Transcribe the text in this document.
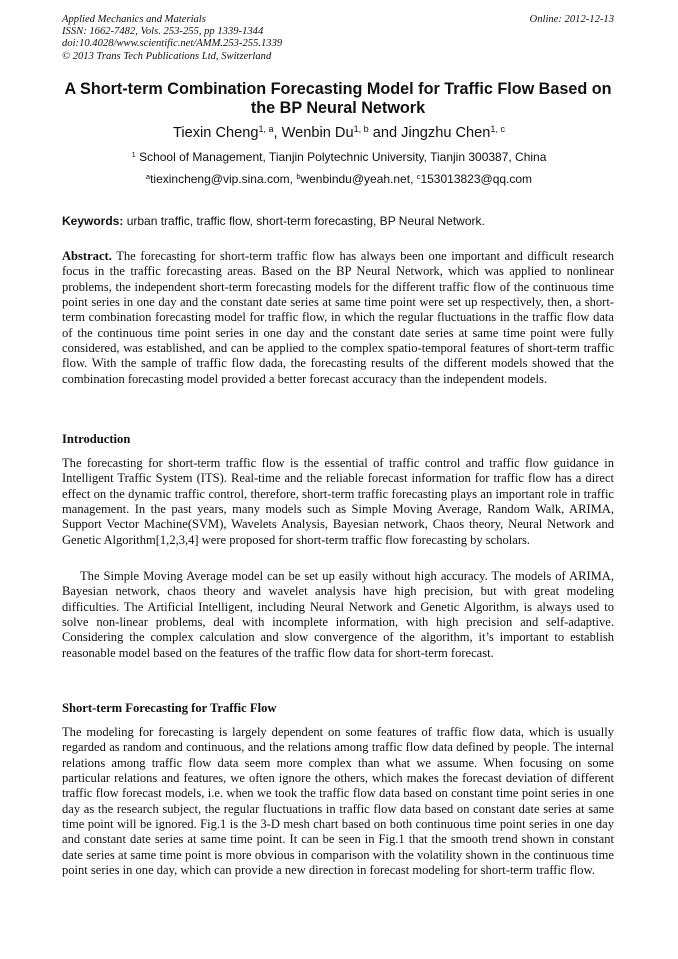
Applied Mechanics and Materials
ISSN: 1662-7482, Vols. 253-255, pp 1339-1344
doi:10.4028/www.scientific.net/AMM.253-255.1339
© 2013 Trans Tech Publications Ltd, Switzerland
Online: 2012-12-13
A Short-term Combination Forecasting Model for Traffic Flow Based on the BP Neural Network
Tiexin Cheng$^{1, a}$, Wenbin Du$^{1, b}$ and Jingzhu Chen$^{1, c}$
$^1$ School of Management, Tianjin Polytechnic University, Tianjin 300387, China
$^a$tiexincheng@vip.sina.com, $^b$wenbindu@yeah.net, $^c$153013823@qq.com
Keywords: urban traffic, traffic flow, short-term forecasting, BP Neural Network.
Abstract. The forecasting for short-term traffic flow has always been one important and difficult research focus in the traffic forecasting areas. Based on the BP Neural Network, which was applied to nonlinear problems, the independent short-term forecasting models for the different traffic flow of the continuous time point series in one day and the constant date series at same time point were set up respectively, then, a short-term combination forecasting model for traffic flow, in which the regular fluctuations in the traffic flow data of the continuous time point series in one day and the constant date series at same time point were fully considered, was established, and can be applied to the complex spatio-temporal features of short-term traffic flow. With the sample of traffic flow dada, the forecasting results of the different models showed that the combination forecasting model provided a better forecast accuracy than the independent models.
Introduction
The forecasting for short-term traffic flow is the essential of traffic control and traffic flow guidance in Intelligent Traffic System (ITS). Real-time and the reliable forecast information for traffic flow has a direct effect on the dynamic traffic control, therefore, short-term traffic forecasting plays an important role in traffic management. In the past years, many models such as Simple Moving Average, Random Walk, ARIMA, Support Vector Machine(SVM), Wavelets Analysis, Bayesian network, Chaos theory, Neural Network and Genetic Algorithm[1,2,3,4] were proposed for short-term traffic flow forecasting by scholars.
The Simple Moving Average model can be set up easily without high accuracy. The models of ARIMA, Bayesian network, chaos theory and wavelet analysis have high precision, but with great modeling difficulties. The Artificial Intelligent, including Neural Network and Genetic Algorithm, is always used to solve non-linear problems, deal with incomplete information, with high precision and self-adaptive. Considering the complex calculation and slow convergence of the algorithm, it’s important to establish reasonable model based on the features of the traffic flow data for short-term forecast.
Short-term Forecasting for Traffic Flow
The modeling for forecasting is largely dependent on some features of traffic flow data, which is usually regarded as random and continuous, and the relations among traffic flow data defined by people. The internal relations among traffic flow data seem more complex than what we assume. When focusing on some particular relations and features, we often ignore the others, which makes the forecast deviation of different traffic flow forecast models, i.e. when we took the traffic flow data based on constant time point series in one day as the research subject, the regular fluctuations in traffic flow data based on constant date series at same time point will be ignored. Fig.1 is the 3-D mesh chart based on both continuous time point series in one day and constant date series at same time point. It can be seen in Fig.1 that the smooth trend shown in constant date series at same time point is more obvious in comparison with the volatility shown in the continuous time point series in one day, which can provide a new direction in forecast modeling for short-term traffic flow.
